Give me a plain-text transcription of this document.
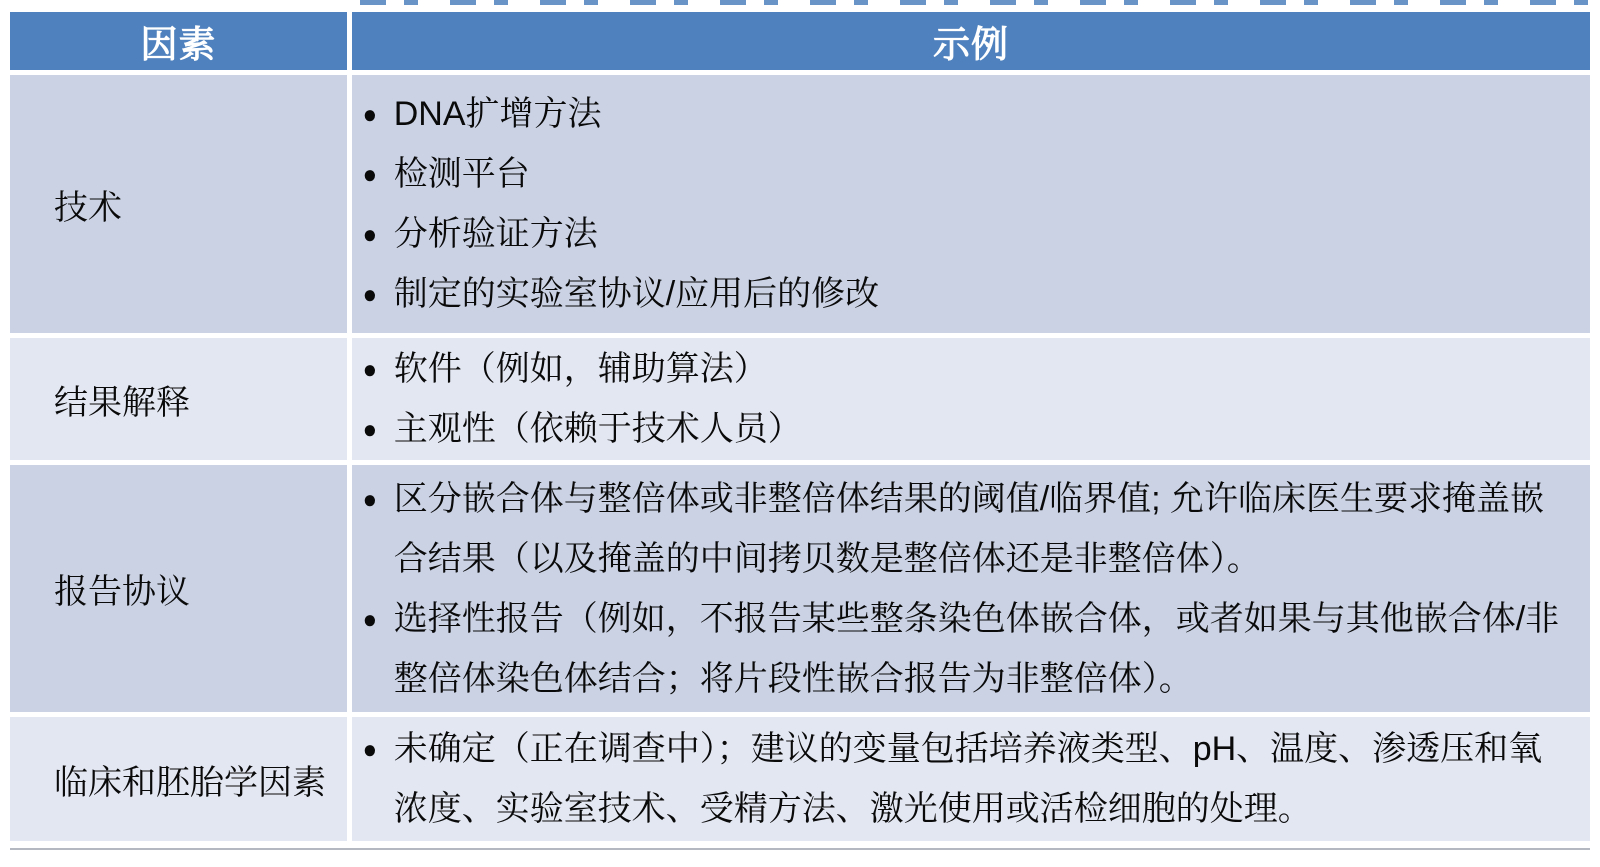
因素	示例
技术
● DNA扩增方法
● 检测平台
● 分析验证方法
● 制定的实验室协议/应用后的修改
结果解释
● 软件（例如，辅助算法）
● 主观性（依赖于技术人员）
报告协议
● 区分嵌合体与整倍体或非整倍体结果的阈值/临界值; 允许临床医生要求掩盖嵌合结果（以及掩盖的中间拷贝数是整倍体还是非整倍体）。
● 选择性报告（例如，不报告某些整条染色体嵌合体，或者如果与其他嵌合体/非整倍体染色体结合；将片段性嵌合报告为非整倍体）。
临床和胚胎学因素
● 未确定（正在调查中）；建议的变量包括培养液类型、pH、温度、渗透压和氧浓度、实验室技术、受精方法、激光使用或活检细胞的处理。
